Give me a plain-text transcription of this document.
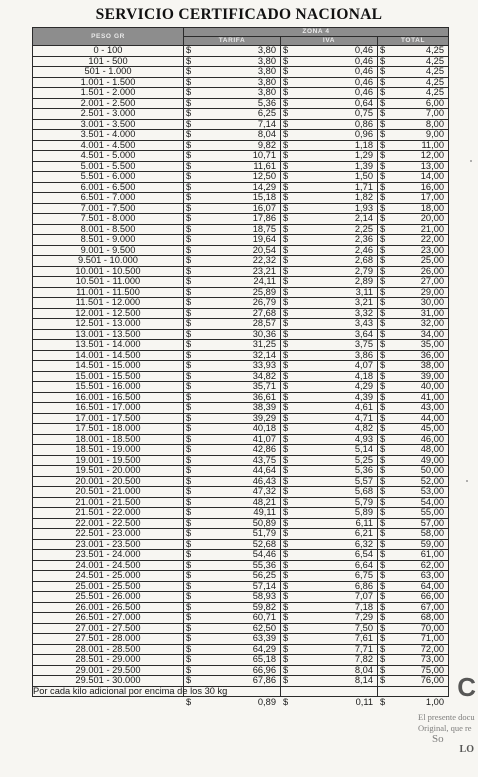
SERVICIO CERTIFICADO NACIONAL
PESO GR	ZONA 4		
	TARIFA	IVA	TOTAL
0 - 100	$ 3,80	$ 0,46	$ 4,25

101 - 500	$ 3,80	$ 0,46	$ 4,25

501 - 1.000	$ 3,80	$ 0,46	$ 4,25

1.001 - 1.500	$ 3,80	$ 0,46	$ 4,25

1.501 - 2.000	$ 3,80	$ 0,46	$ 4,25

2.001 - 2.500	$ 5,36	$ 0,64	$ 6,00

2.501 - 3.000	$ 6,25	$ 0,75	$ 7,00

3.001 - 3.500	$ 7,14	$ 0,86	$ 8,00

3.501 - 4.000	$ 8,04	$ 0,96	$ 9,00

4.001 - 4.500	$ 9,82	$ 1,18	$ 11,00

4.501 - 5.000	$ 10,71	$ 1,29	$ 12,00

5.001 - 5.500	$ 11,61	$ 1,39	$ 13,00

5.501 - 6.000	$ 12,50	$ 1,50	$ 14,00

6.001 - 6.500	$ 14,29	$ 1,71	$ 16,00

6.501 - 7.000	$ 15,18	$ 1,82	$ 17,00

7.001 - 7.500	$ 16,07	$ 1,93	$ 18,00

7.501 - 8.000	$ 17,86	$ 2,14	$ 20,00

8.001 - 8.500	$ 18,75	$ 2,25	$ 21,00

8.501 - 9.000	$ 19,64	$ 2,36	$ 22,00

9.001 - 9.500	$ 20,54	$ 2,46	$ 23,00

9.501 - 10.000	$ 22,32	$ 2,68	$ 25,00

10.001 - 10.500	$ 23,21	$ 2,79	$ 26,00

10.501 - 11.000	$ 24,11	$ 2,89	$ 27,00

11.001 - 11.500	$ 25,89	$ 3,11	$ 29,00

11.501 - 12.000	$ 26,79	$ 3,21	$ 30,00

12.001 - 12.500	$ 27,68	$ 3,32	$ 31,00

12.501 - 13.000	$ 28,57	$ 3,43	$ 32,00

13.001 - 13.500	$ 30,36	$ 3,64	$ 34,00

13.501 - 14.000	$ 31,25	$ 3,75	$ 35,00

14.001 - 14.500	$ 32,14	$ 3,86	$ 36,00

14.501 - 15.000	$ 33,93	$ 4,07	$ 38,00

15.001 - 15.500	$ 34,82	$ 4,18	$ 39,00

15.501 - 16.000	$ 35,71	$ 4,29	$ 40,00

16.001 - 16.500	$ 36,61	$ 4,39	$ 41,00

16.501 - 17.000	$ 38,39	$ 4,61	$ 43,00

17.001 - 17.500	$ 39,29	$ 4,71	$ 44,00

17.501 - 18.000	$ 40,18	$ 4,82	$ 45,00

18.001 - 18.500	$ 41,07	$ 4,93	$ 46,00

18.501 - 19.000	$ 42,86	$ 5,14	$ 48,00

19.001 - 19.500	$ 43,75	$ 5,25	$ 49,00

19.501 - 20.000	$ 44,64	$ 5,36	$ 50,00

20.001 - 20.500	$ 46,43	$ 5,57	$ 52,00

20.501 - 21.000	$ 47,32	$ 5,68	$ 53,00

21.001 - 21.500	$ 48,21	$ 5,79	$ 54,00

21.501 - 22.000	$ 49,11	$ 5,89	$ 55,00

22.001 - 22.500	$ 50,89	$ 6,11	$ 57,00

22.501 - 23.000	$ 51,79	$ 6,21	$ 58,00

23.001 - 23.500	$ 52,68	$ 6,32	$ 59,00

23.501 - 24.000	$ 54,46	$ 6,54	$ 61,00

24.001 - 24.500	$ 55,36	$ 6,64	$ 62,00

24.501 - 25.000	$ 56,25	$ 6,75	$ 63,00

25.001 - 25.500	$ 57,14	$ 6,86	$ 64,00

25.501 - 26.000	$ 58,93	$ 7,07	$ 66,00

26.001 - 26.500	$ 59,82	$ 7,18	$ 67,00

26.501 - 27.000	$ 60,71	$ 7,29	$ 68,00

27.001 - 27.500	$ 62,50	$ 7,50	$ 70,00

27.501 - 28.000	$ 63,39	$ 7,61	$ 71,00

28.001 - 28.500	$ 64,29	$ 7,71	$ 72,00

28.501 - 29.000	$ 65,18	$ 7,82	$ 73,00

29.001 - 29.500	$ 66,96	$ 8,04	$ 75,00

29.501 - 30.000	$ 67,86	$ 8,14	$ 76,00

Por cada kilo adicional por encima de los 30 kg	$ 0,89	$ 0,11	$ 1,00 C
El presente docu
Original, que re
So
LO
